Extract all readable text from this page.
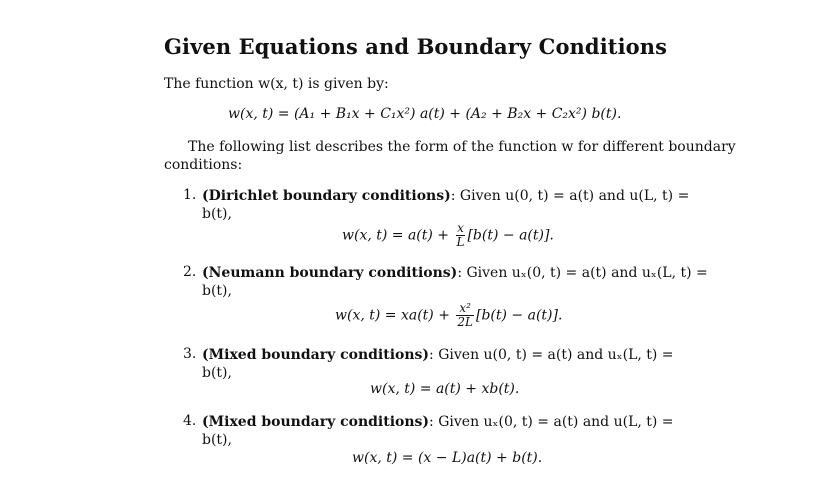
Given Equations and Boundary Conditions
The function w(x, t) is given by:
w(x, t) = (A₁ + B₁x + C₁x²) a(t) + (A₂ + B₂x + C₂x²) b(t).
The following list describes the form of the function w for different boundary
conditions:
1. (Dirichlet boundary conditions): Given u(0, t) = a(t) and u(L, t) =
b(t),
w(x, $t) = a(t) + \frac{x}{L} [b(t) - a(t)]$.
2. (Neumann boundary conditions): Given uₓ(0, t) = a(t) and uₓ(L, t) =
b(t),
w(x, $t) = xa(t) + \frac{\text{x²}}{2L} [b(t) - a(t)]$.
3. (Mixed boundary conditions): Given u(0, t) = a(t) and uₓ(L, t) =
b(t),
w(x, t) = a(t) + xb(t).
4. (Mixed boundary conditions): Given uₓ(0, t) = a(t) and u(L, t) =
b(t),
w(x, t) = (x − L)a(t) + b(t).
